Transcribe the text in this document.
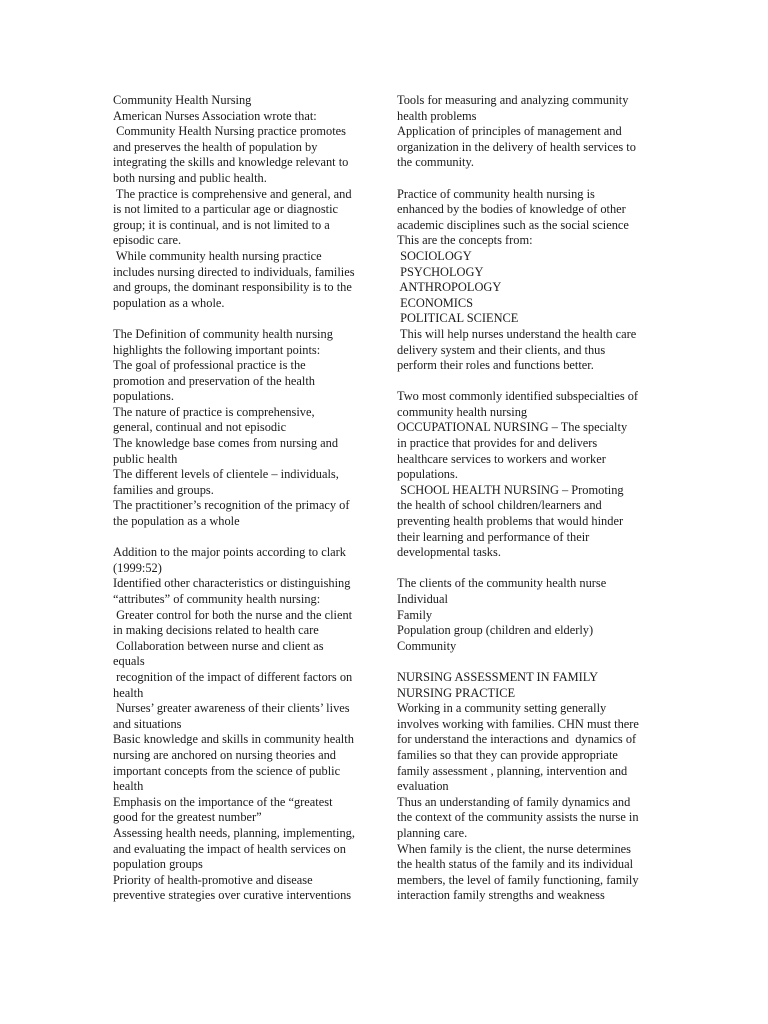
Community Health Nursing
American Nurses Association wrote that:
Community Health Nursing practice promotes
and preserves the health of population by
integrating the skills and knowledge relevant to
both nursing and public health.
The practice is comprehensive and general, and
is not limited to a particular age or diagnostic
group; it is continual, and is not limited to a
episodic care.
While community health nursing practice
includes nursing directed to individuals, families
and groups, the dominant responsibility is to the
population as a whole.
The Definition of community health nursing
highlights the following important points:
The goal of professional practice is the
promotion and preservation of the health
populations.
The nature of practice is comprehensive,
general, continual and not episodic
The knowledge base comes from nursing and
public health
The different levels of clientele – individuals,
families and groups.
The practitioner’s recognition of the primacy of
the population as a whole
Addition to the major points according to clark
(1999:52)
Identified other characteristics or distinguishing
“attributes” of community health nursing:
Greater control for both the nurse and the client
in making decisions related to health care
Collaboration between nurse and client as
equals
recognition of the impact of different factors on
health
Nurses’ greater awareness of their clients’ lives
and situations
Basic knowledge and skills in community health
nursing are anchored on nursing theories and
important concepts from the science of public
health
Emphasis on the importance of the “greatest
good for the greatest number”
Assessing health needs, planning, implementing,
and evaluating the impact of health services on
population groups
Priority of health-promotive and disease
preventive strategies over curative interventions
Tools for measuring and analyzing community
health problems
Application of principles of management and
organization in the delivery of health services to
the community.
Practice of community health nursing is
enhanced by the bodies of knowledge of other
academic disciplines such as the social science
This are the concepts from:
SOCIOLOGY
PSYCHOLOGY
ANTHROPOLOGY
ECONOMICS
POLITICAL SCIENCE
This will help nurses understand the health care
delivery system and their clients, and thus
perform their roles and functions better.
Two most commonly identified subspecialties of
community health nursing
OCCUPATIONAL NURSING – The specialty
in practice that provides for and delivers
healthcare services to workers and worker
populations.
SCHOOL HEALTH NURSING – Promoting
the health of school children/learners and
preventing health problems that would hinder
their learning and performance of their
developmental tasks.
The clients of the community health nurse
Individual
Family
Population group (children and elderly)
Community
NURSING ASSESSMENT IN FAMILY
NURSING PRACTICE
Working in a community setting generally
involves working with families. CHN must there
for understand the interactions and  dynamics of
families so that they can provide appropriate
family assessment , planning, intervention and
evaluation
Thus an understanding of family dynamics and
the context of the community assists the nurse in
planning care.
When family is the client, the nurse determines
the health status of the family and its individual
members, the level of family functioning, family
interaction family strengths and weakness
